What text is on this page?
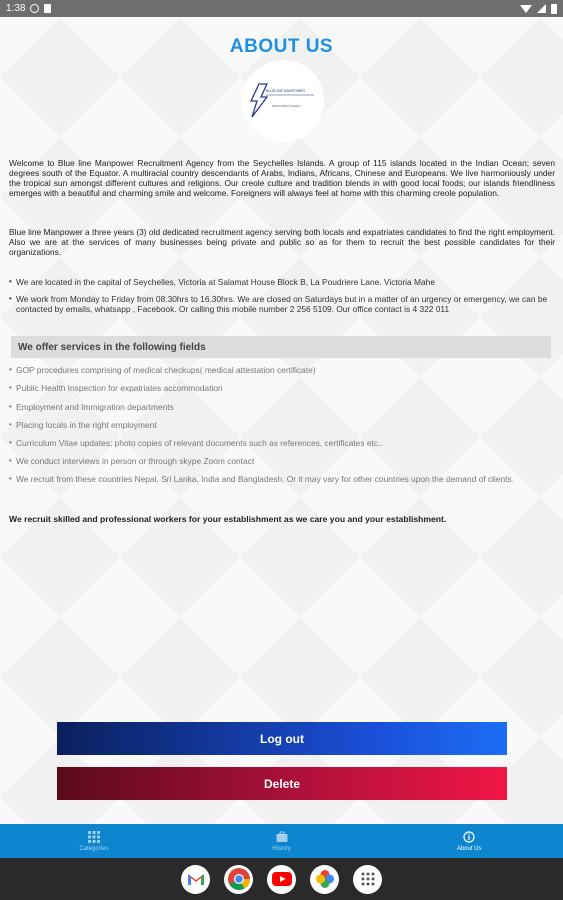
1:38
ABOUT US
BLUELINE MANPOWER
RECRUITMENT AGENCY
Welcome to Blue line Manpower Recruitment Agency from the Seychelles Islands. A group of 115 islands located in the Indian Ocean; seven degrees south of the Equator. A multiracial country descendants of Arabs, Indians, Africans, Chinese and Europeans. We live harmoniously under the tropical sun amongst different cultures and religions. Our creole culture and tradition blends in with good local foods; our islands friendliness emerges with a beautiful and charming smile and welcome. Foreigners will always feel at home with this charming creole population.
Blue line Manpower a three years (3) old dedicated recruitment agency serving both locals and expatriates candidates to find the right employment. Also we are at the services of many businesses being private and public so as for them to recruit the best possible candidates for their organizations.
• We are located in the capital of Seychelles, Victoria at Salamat House Block B, La Poudriere Lane. Victoria Mahe
• We work from Monday to Friday from 08.30hrs to 16.30hrs. We are closed on Saturdays but in a matter of an urgency or emergency, we can be contacted by emails, whatsapp , Facebook. Or calling this mobile number 2 256 5109. Our office contact is 4 322 011
We offer services in the following fields
• GOP procedures comprising of medical checkups( medical attestation certificate)
• Public Health Inspection for expatriates accommodation
• Employment and Immigration departments
• Placing locals in the right employment
• Curriculum Vitae updates; photo copies of relevant documents such as references, certificates etc..
• We conduct interviews in person or through skype Zoom contact
• We recruit from these countries Nepal, Sri Lanka, India and Bangladesh. Or it may vary for other countries upon the demand of clients.
We recruit skilled and professional workers for your establishment as we care you and your establishment.
Log out
Delete
Categories	History	About Us
